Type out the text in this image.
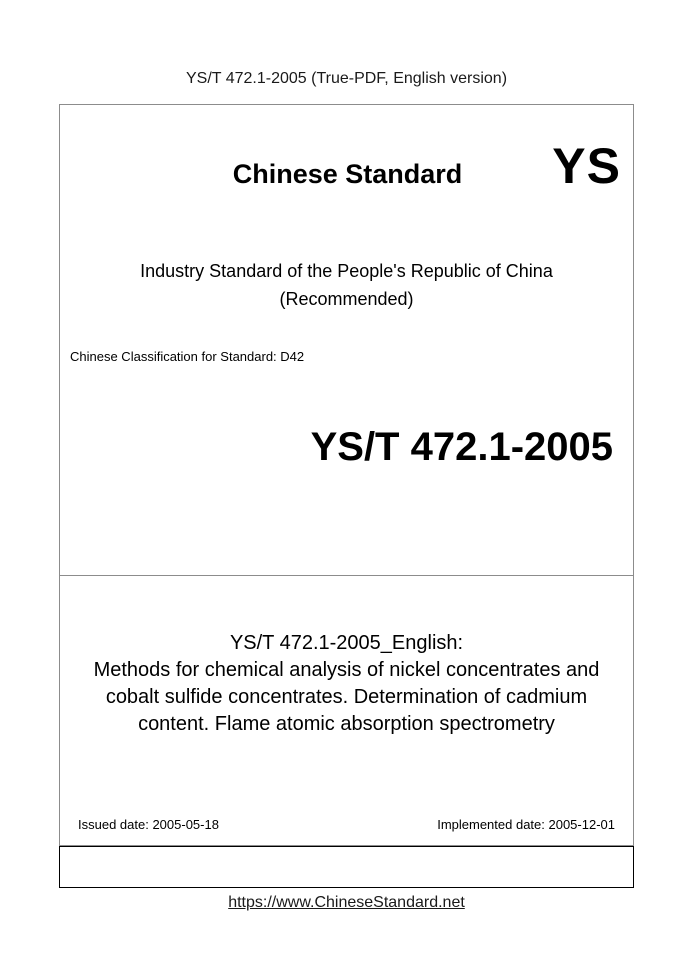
YS/T 472.1-2005 (True-PDF, English version)
Chinese Standard	YS
Industry Standard of the People's Republic of China
(Recommended)
Chinese Classification for Standard: D42
YS/T 472.1-2005
YS/T 472.1-2005_English:
Methods for chemical analysis of nickel concentrates and
cobalt sulfide concentrates. Determination of cadmium
content. Flame atomic absorption spectrometry
Issued date: 2005-05-18	Implemented date: 2005-12-01
https://www.ChineseStandard.net
